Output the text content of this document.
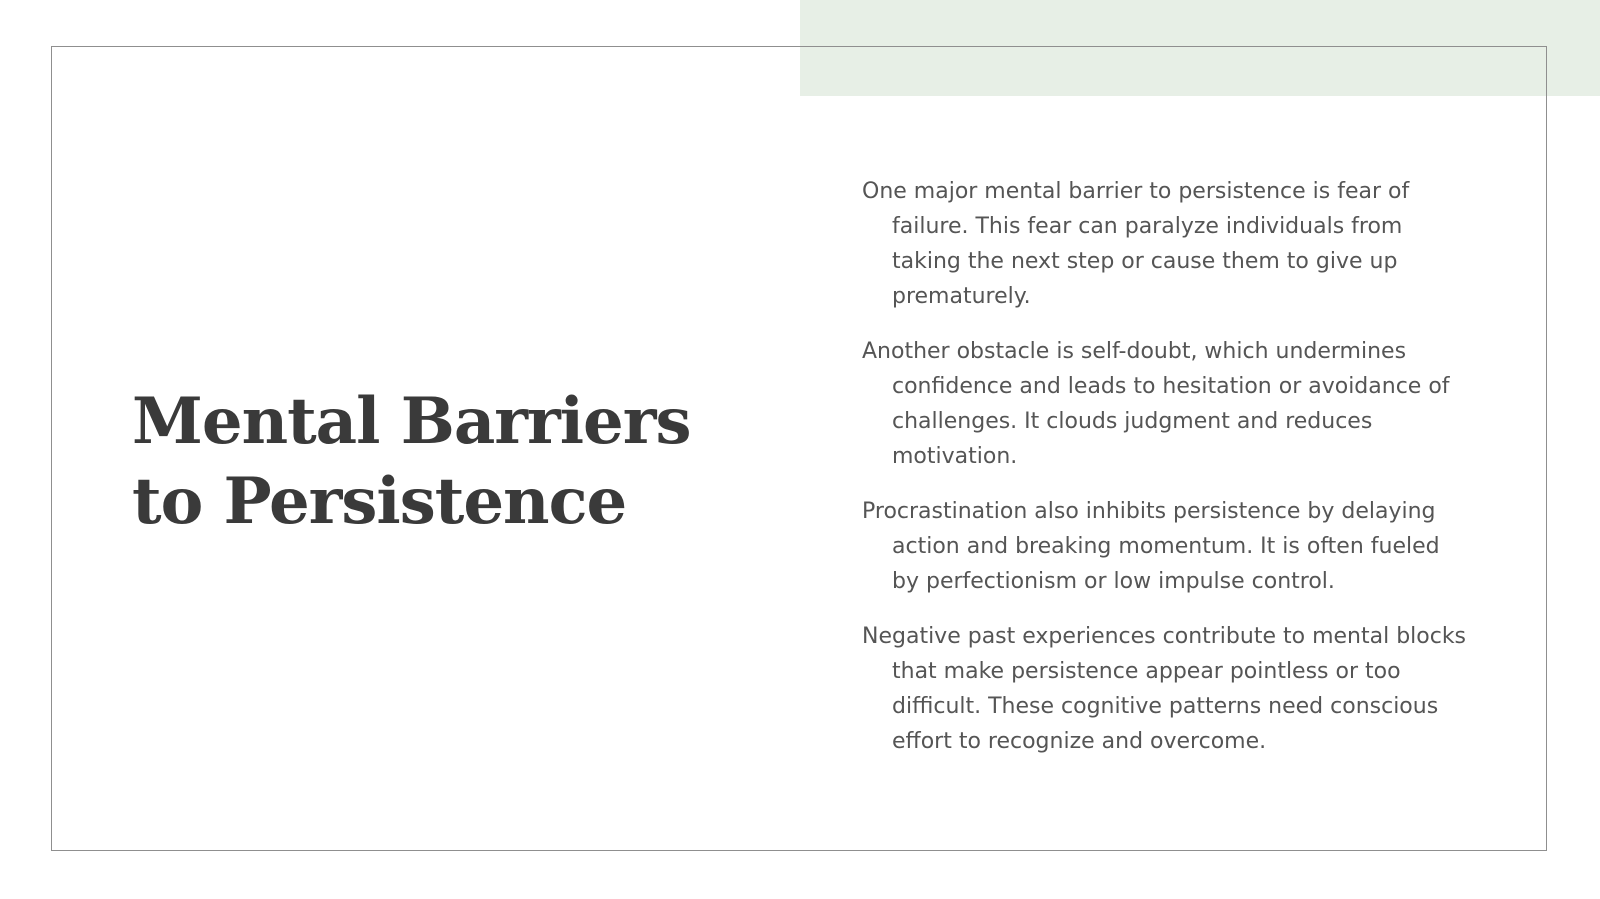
Mental Barriers
to Persistence

One major mental barrier to persistence is fear of failure. This fear can paralyze individuals from taking the next step or cause them to give up prematurely.

Another obstacle is self-doubt, which undermines confidence and leads to hesitation or avoidance of challenges. It clouds judgment and reduces motivation.

Procrastination also inhibits persistence by delaying action and breaking momentum. It is often fueled by perfectionism or low impulse control.

Negative past experiences contribute to mental blocks that make persistence appear pointless or too difficult. These cognitive patterns need conscious effort to recognize and overcome.
